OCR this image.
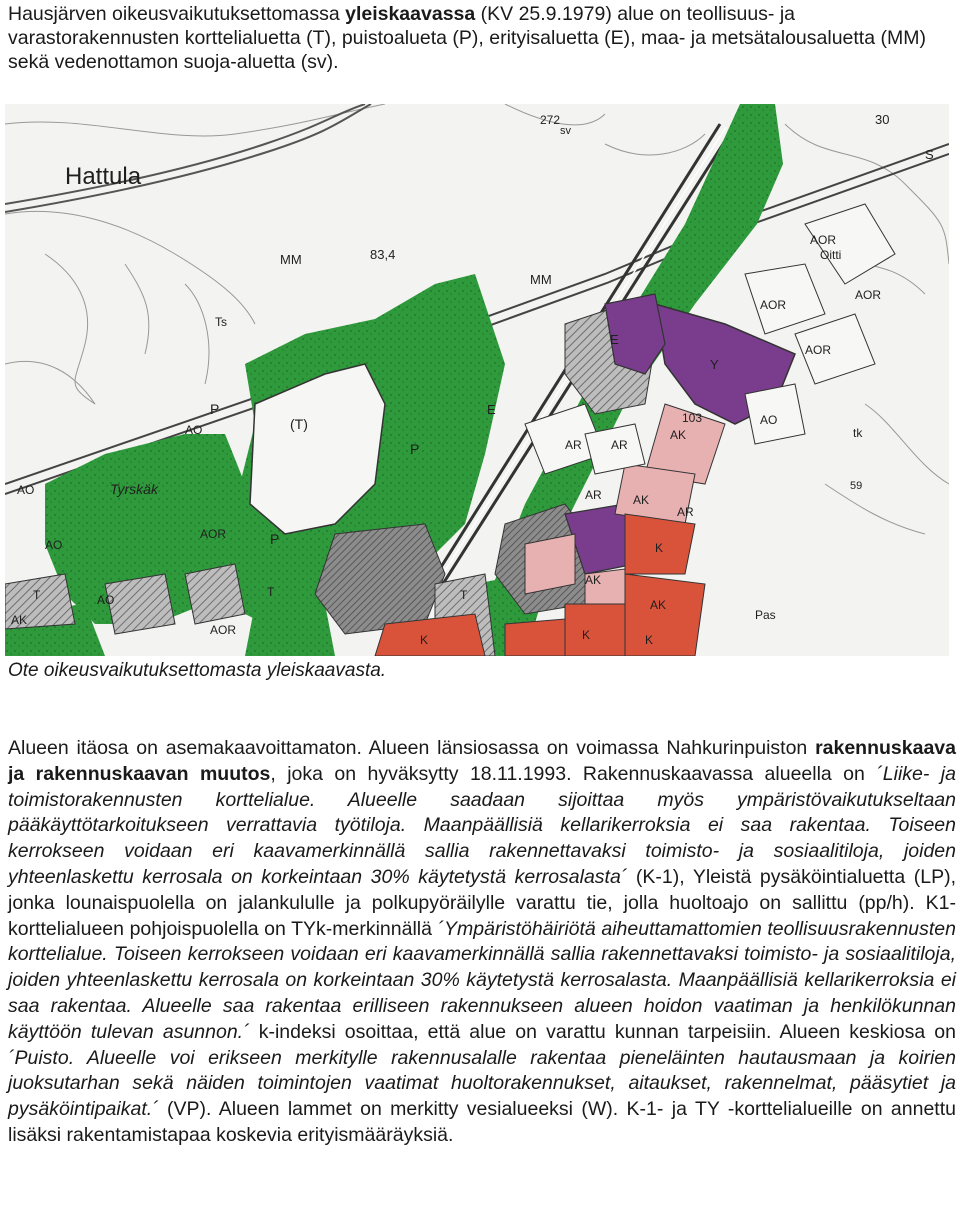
Hausjärven oikeusvaikutuksettomassa yleiskaavassa (KV 25.9.1979) alue on teollisuus- ja varastorakennusten korttelialuetta (T), puistoalueta (P), erityisaluetta (E), maa- ja metsätalousaluetta (MM) sekä vedenottamon suoja-aluetta (sv).
Hattula
MM
MM
83,4
272
sv
30
S
Ts
P
P
P
(T)
E
E
Y
AOR
AOR
AOR
AOR
AOR
AOR
AO
AO
AO
AO
AO
AR AR
AR
AR
AK
AK
AK
AK
AK
K
K
K	K
T	T	T
tk
103
59
Oitti
Tyrskäk
Pas
Ote oikeusvaikutuksettomasta yleiskaavasta.
Alueen itäosa on asemakaavoittamaton. Alueen länsiosassa on voimassa Nahkurinpuiston rakennuskaava ja rakennuskaavan muutos, joka on hyväksytty 18.11.1993. Rakennuskaavassa alueella on ´Liike- ja toimistorakennusten korttelialue. Alueelle saadaan sijoittaa myös ympäristövaikutukseltaan pääkäyttötarkoitukseen verrattavia työtiloja. Maanpäällisiä kellarikerroksia ei saa rakentaa. Toiseen kerrokseen voidaan eri kaavamerkinnällä sallia rakennettavaksi toimisto- ja sosiaalitiloja, joiden yhteenlaskettu kerrosala on korkeintaan 30% käytetystä kerrosalasta´ (K-1), Yleistä pysäköintialuetta (LP), jonka lounaispuolella on jalankululle ja polkupyöräilylle varattu tie, jolla huoltoajo on sallittu (pp/h). K1-korttelialueen pohjoispuolella on TYk-merkinnällä ´Ympäristöhäiriötä aiheuttamattomien teollisuusrakennusten korttelialue. Toiseen kerrokseen voidaan eri kaavamerkinnällä sallia rakennettavaksi toimisto- ja sosiaalitiloja, joiden yhteenlaskettu kerrosala on korkeintaan 30% käytetystä kerrosalasta. Maanpäällisiä kellarikerroksia ei saa rakentaa. Alueelle saa rakentaa erilliseen rakennukseen alueen hoidon vaatiman ja henkilökunnan käyttöön tulevan asunnon.´ k-indeksi osoittaa, että alue on varattu kunnan tarpeisiin. Alueen keskiosa on ´Puisto. Alueelle voi erikseen merkitylle rakennusalalle rakentaa pieneläinten hautausmaan ja koirien juoksutarhan sekä näiden toimintojen vaatimat huoltorakennukset, aitaukset, rakennelmat, pääsytiet ja pysäköintipaikat.´ (VP). Alueen lammet on merkitty vesialueeksi (W). K-1- ja TY -korttelialueille on annettu lisäksi rakentamistapaa koskevia erityismääräyksiä.
